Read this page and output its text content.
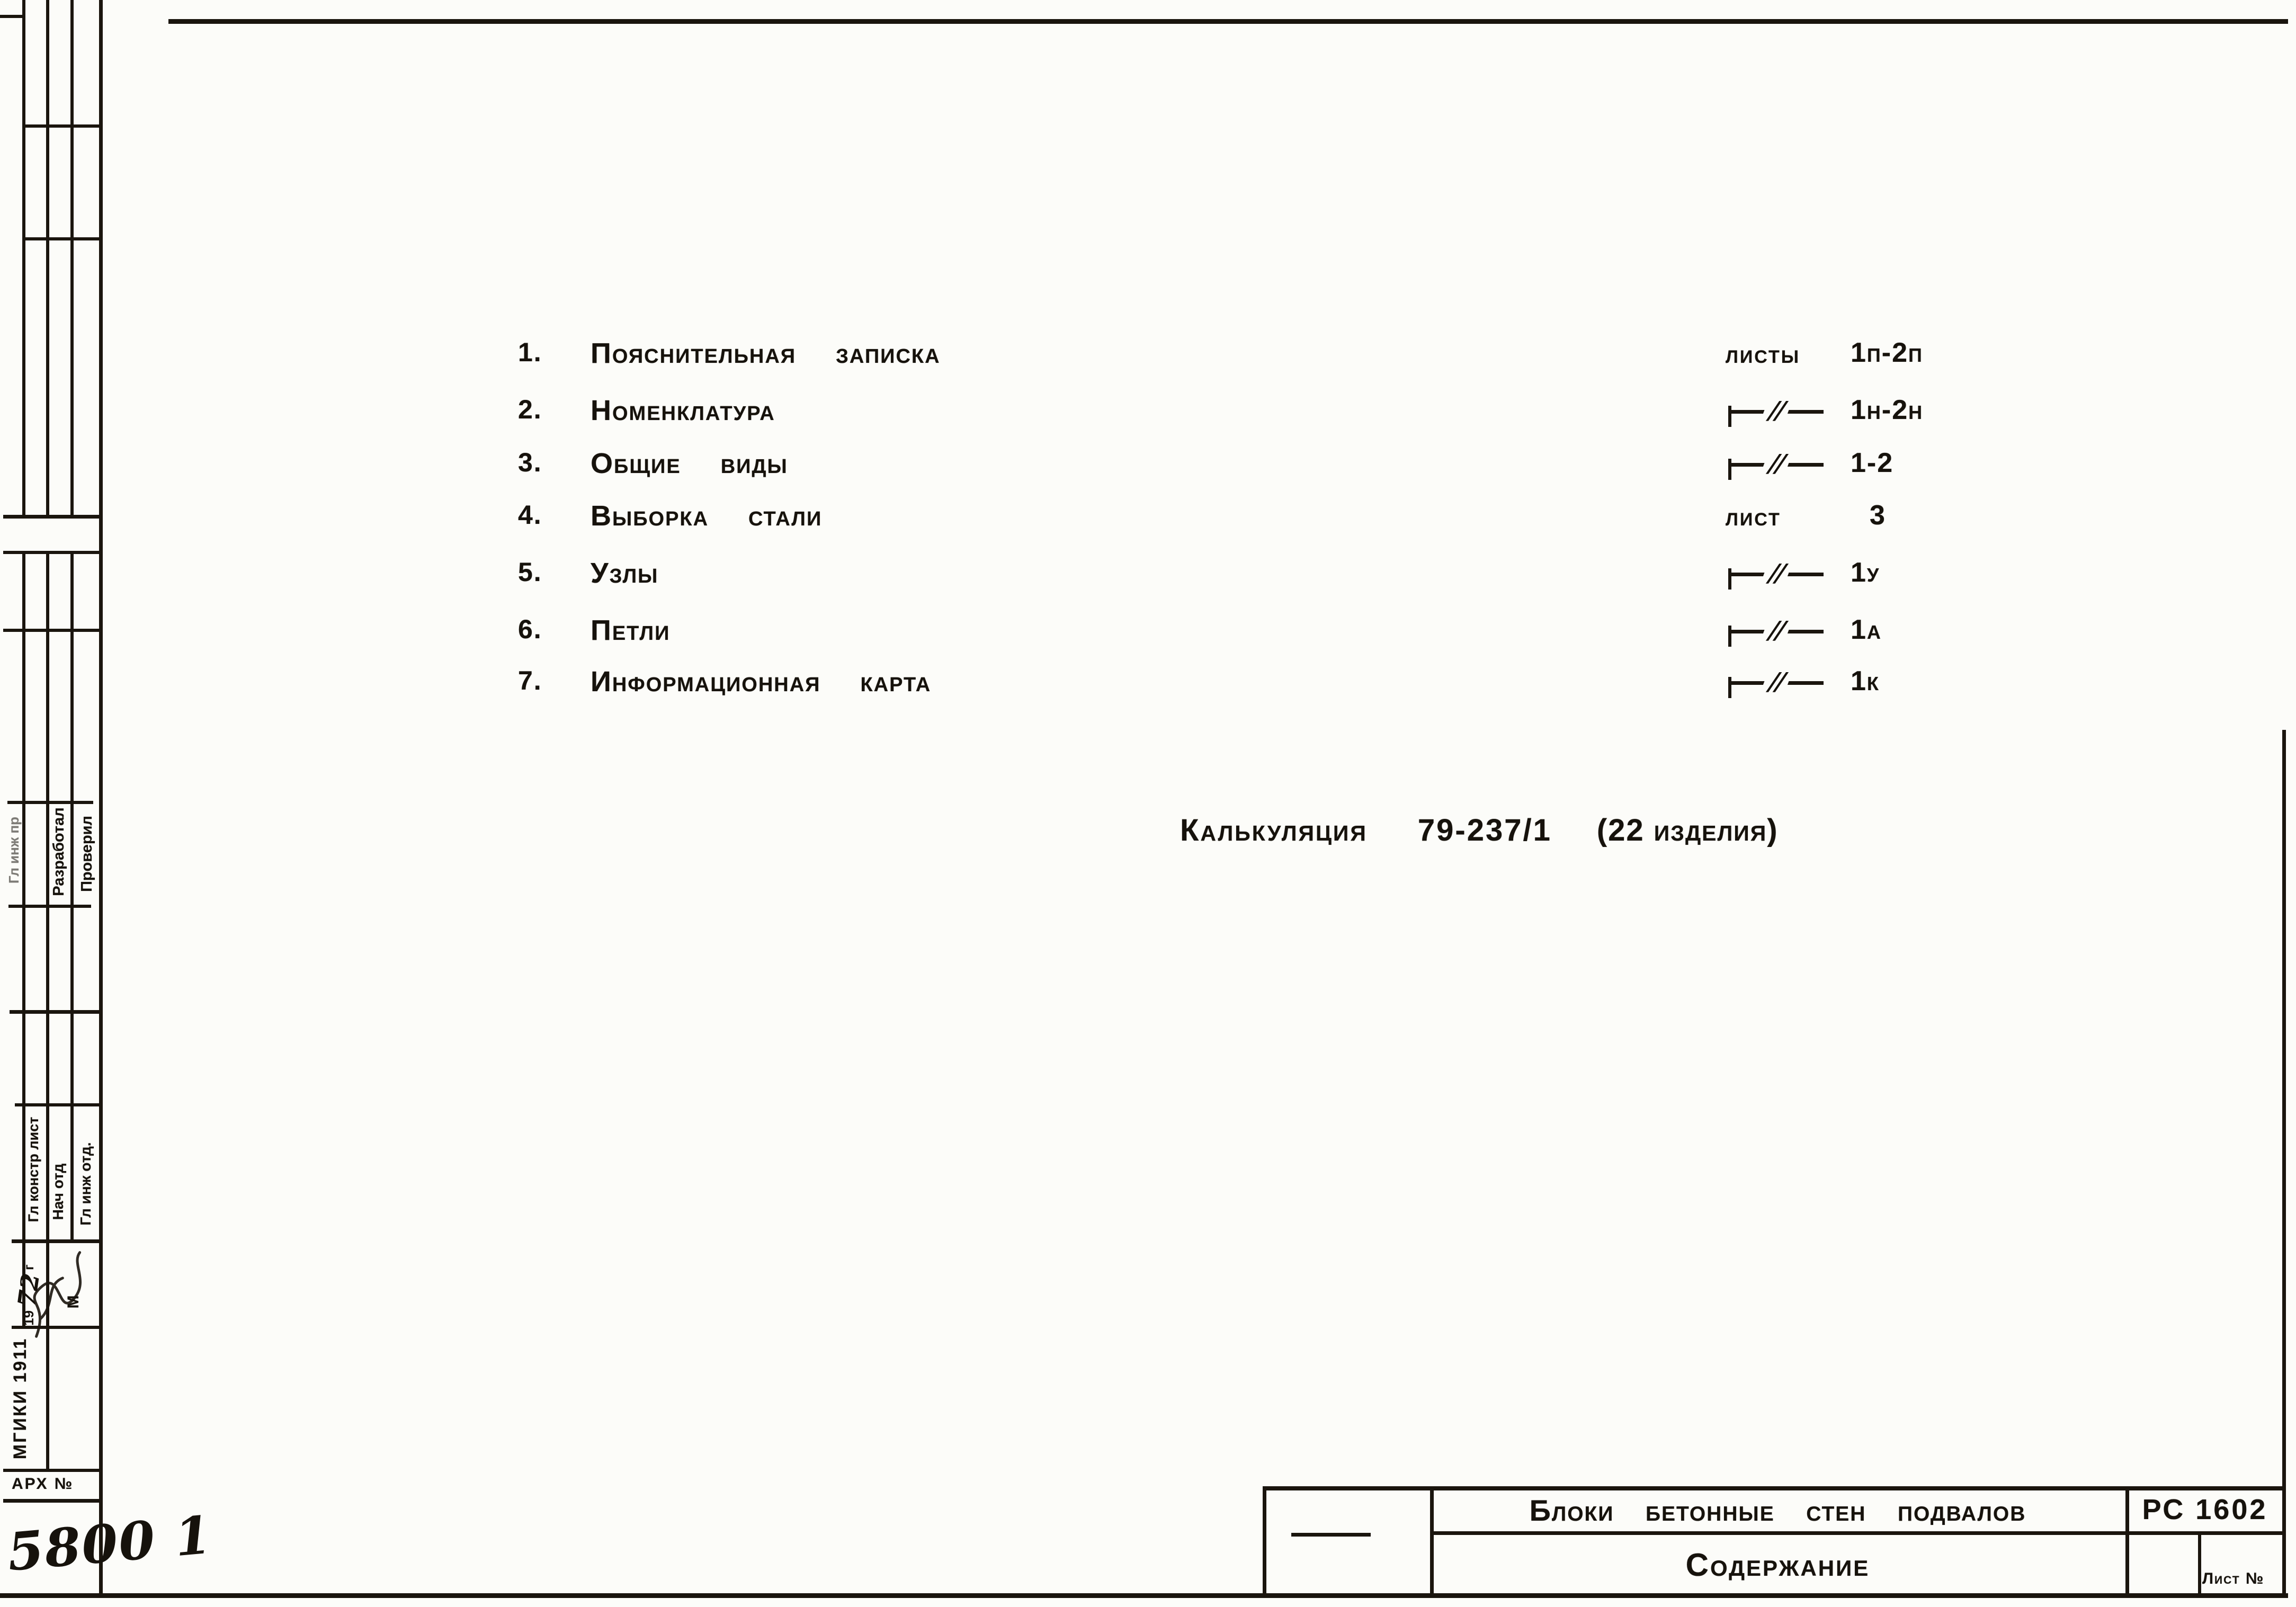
Гл инж пр Разработал Проверил
Гл констр лист Нач отд Гл инж отд.
19
72
г
М
МГИКИ 1911
АРХ №
5800 1
1. Пояснительная записка	листы 1п-2п
2. Номенклатура	// 1н-2н
3. Общие виды	// 1-2
4. Выборка стали	лист	3
5. Узлы	// 1у
6. Петли	// 1а
7. Информационная карта	// 1к
Калькуляция 79-237/1 (22 изделия)
Блоки бетонные стен подвалов	РС 1602
Содержание	Лист №
